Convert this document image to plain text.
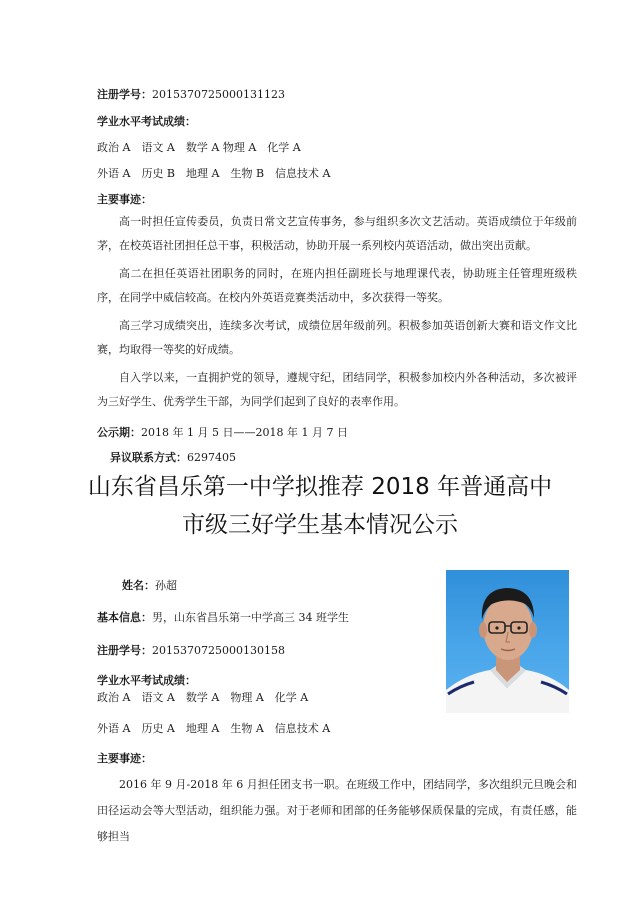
注册学号：2015370725000131123
学业水平考试成绩：
政治 A　语文 A　数学 A 物理 A　化学 A
外语 A　历史 B　地理 A　生物 B　信息技术 A
主要事迹：
高一时担任宣传委员，负责日常文艺宣传事务，参与组织多次文艺活动。英语成绩位于年级前茅，在校英语社团担任总干事，积极活动，协助开展一系列校内英语活动，做出突出贡献。
高二在担任英语社团职务的同时，在班内担任副班长与地理课代表，协助班主任管理班级秩序，在同学中威信较高。在校内外英语竞赛类活动中，多次获得一等奖。
高三学习成绩突出，连续多次考试，成绩位居年级前列。积极参加英语创新大赛和语文作文比赛，均取得一等奖的好成绩。
自入学以来，一直拥护党的领导，遵规守纪，团结同学，积极参加校内外各种活动，多次被评为三好学生、优秀学生干部，为同学们起到了良好的表率作用。
公示期：2018 年 1 月 5 日——2018 年 1 月 7 日
异议联系方式：6297405
山东省昌乐第一中学拟推荐 2018 年普通高中
市级三好学生基本情况公示
姓名：孙超
基本信息：男，山东省昌乐第一中学高三 34 班学生
注册学号：2015370725000130158
学业水平考试成绩：
政治 A　语文 A　数学 A　物理 A　化学 A
外语 A　历史 A　地理 A　生物 A　信息技术 A
主要事迹：
2016 年 9 月-2018 年 6 月担任团支书一职。在班级工作中，团结同学，多次组织元旦晚会和田径运动会等大型活动，组织能力强。对于老师和团部的任务能够保质保量的完成，有责任感，能够担当
